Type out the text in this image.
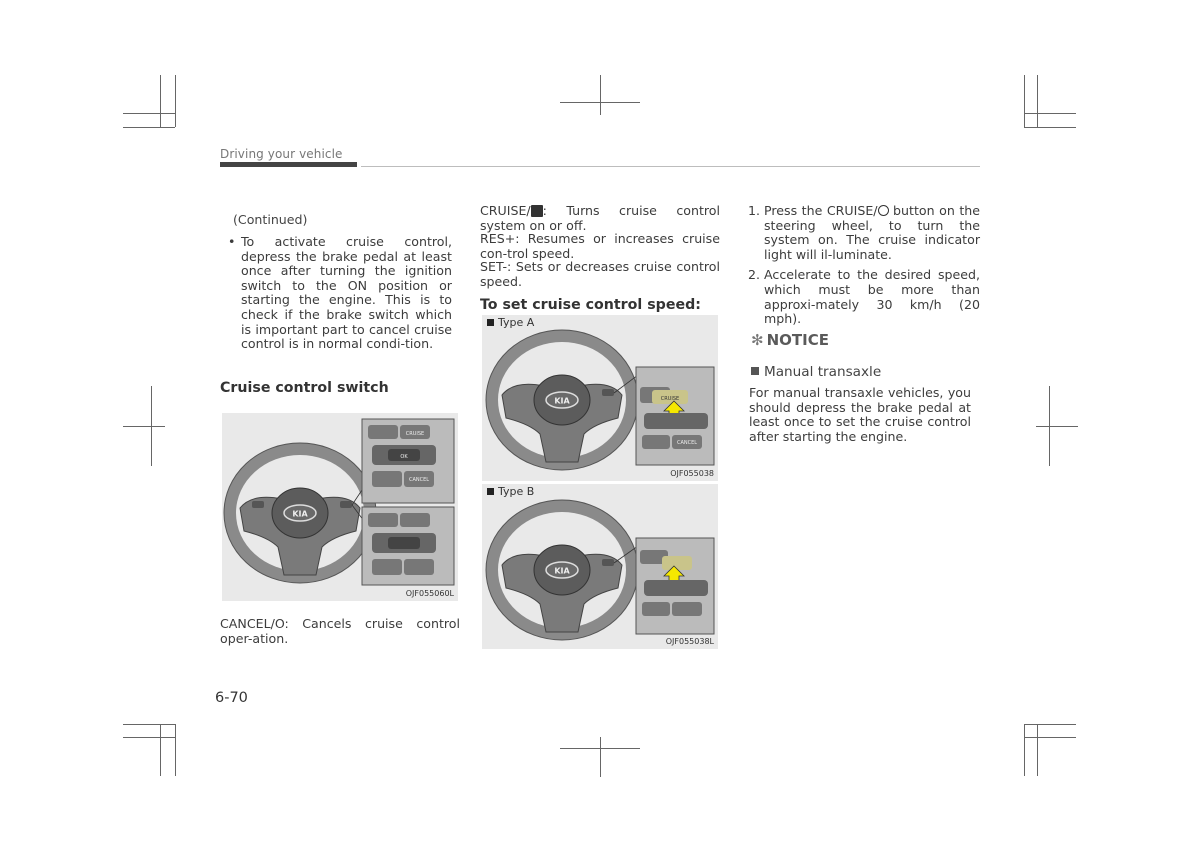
Driving your vehicle
(Continued)
• To activate cruise control, depress the brake pedal at least once after turning the ignition switch to the ON position or starting the engine. This is to check if the brake switch which is important part to cancel cruise control is in normal condi-tion.
Cruise control switch
KIA
CRUISE
OK
CANCEL
OJF055060L
CANCEL/O: Cancels cruise control oper-ation.
CRUISE/ : Turns cruise control system on or off.
RES+: Resumes or increases cruise con-trol speed.
SET-: Sets or decreases cruise control speed.
To set cruise control speed:
Type A
KIA	CRUISE
CANCEL
OJF055038
Type B
KIA
OJF055038L
1. Press the CRUISE/ button on the steering wheel, to turn the system on. The cruise indicator light will il-luminate.
2. Accelerate to the desired speed, which must be more than approxi-mately 30 km/h (20 mph).
✻ NOTICE
Manual transaxle
For manual transaxle vehicles, you should depress the brake pedal at least once to set the cruise control after starting the engine.
6-70
